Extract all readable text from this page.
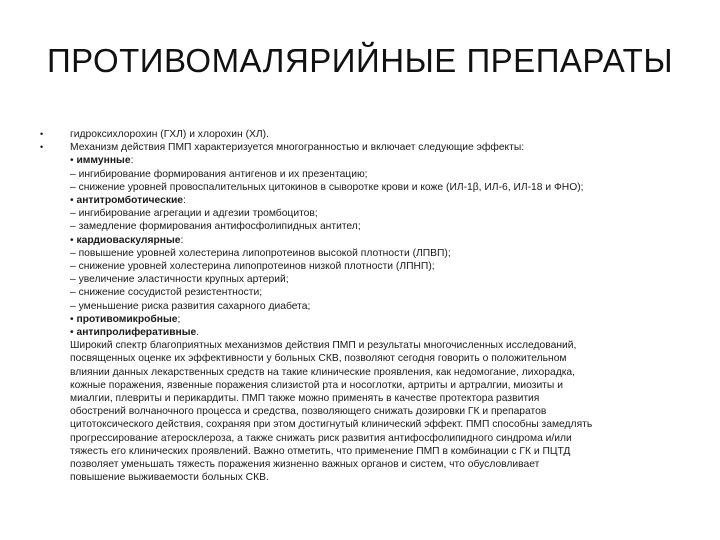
ПРОТИВОМАЛЯРИЙНЫЕ ПРЕПАРАТЫ
•	гидроксихлорохин (ГХЛ) и хлорохин (ХЛ).
•	Механизм действия ПМП характеризуется многогранностью и включает следующие эффекты:
• иммунные:
– ингибирование формирования антигенов и их презентацию;
– снижение уровней провоспалительных цитокинов в сыворотке крови и коже (ИЛ-1β, ИЛ-6, ИЛ-18 и ФНО);
• антитромботические:
– ингибирование агрегации и адгезии тромбоцитов;
– замедление формирования антифосфолипидных антител;
• кардиоваскулярные:
– повышение уровней холестерина липопротеинов высокой плотности (ЛПВП);
– снижение уровней холестерина липопротеинов низкой плотности (ЛПНП);
– увеличение эластичности крупных артерий;
– снижение сосудистой резистентности;
– уменьшение риска развития сахарного диабета;
• противомикробные;
• антипролиферативные.
Широкий спектр благоприятных механизмов действия ПМП и результаты многочисленных исследований,
посвященных оценке их эффективности у больных СКВ, позволяют сегодня говорить о положительном
влиянии данных лекарственных средств на такие клинические проявления, как недомогание, лихорадка,
кожные поражения, язвенные поражения слизистой рта и носоглотки, артриты и артралгии, миозиты и
миалгии, плевриты и перикардиты. ПМП также можно применять в качестве протектора развития
обострений волчаночного процесса и средства, позволяющего снижать дозировки ГК и препаратов
цитотоксического действия, сохраняя при этом достигнутый клинический эффект. ПМП способны замедлять
прогрессирование атеросклероза, а также снижать риск развития антифосфолипидного синдрома и/или
тяжесть его клинических проявлений. Важно отметить, что применение ПМП в комбинации с ГК и ПЦТД
позволяет уменьшать тяжесть поражения жизненно важных органов и систем, что обусловливает
повышение выживаемости больных СКВ.
